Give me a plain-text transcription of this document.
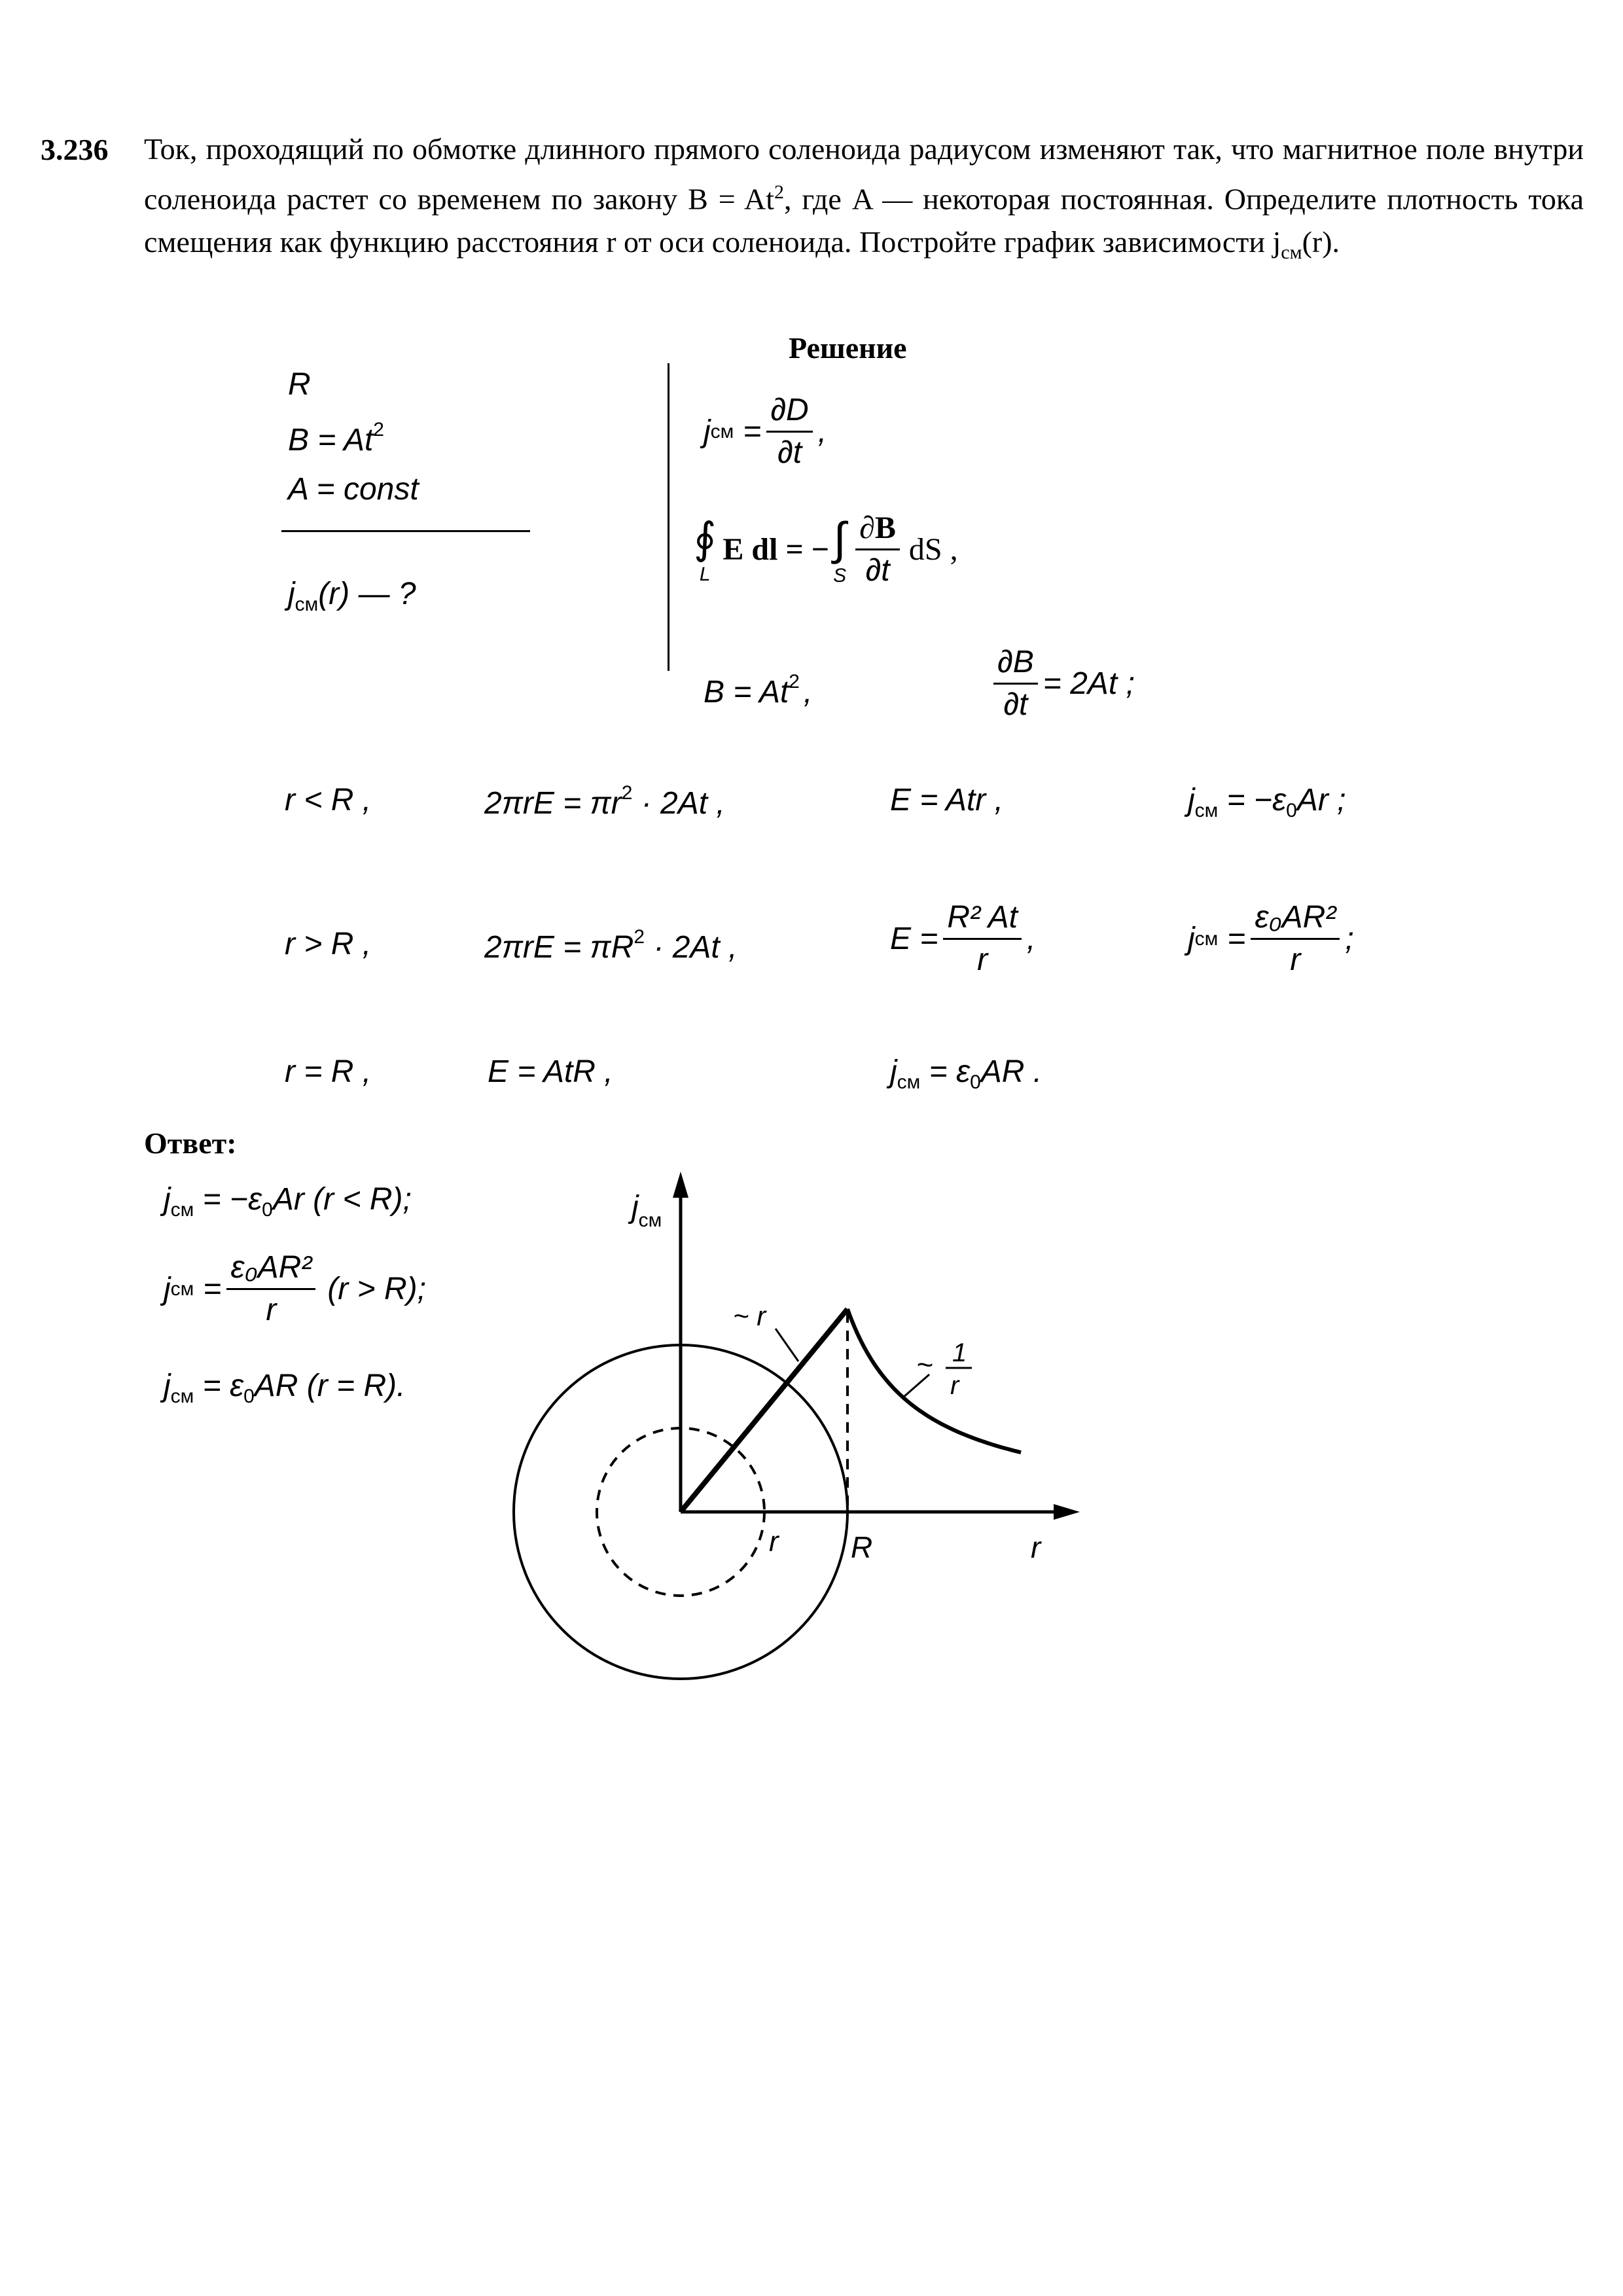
3.236 Ток, проходящий по обмотке длинного прямого соленоида радиусом изменяют так, что магнитное поле внутри соленоида растет со временем по закону $B = At^2$, где A — некоторая постоянная. Определите плотность тока смещения как функцию расстояния r от оси соленоида. Постройте график зависимости $j_{см}(r)$.
Решение
R
$B = At^2$
A = const
$j_{см}(r)$ — ?
j см = $\frac{\partial D}{\partial t}$ ,
∮
L
E dl = − ∫
S $\frac{\partial B}{\partial t}$ dS ,
$B = At^2$ ,	$\frac{\partial B}{\partial t} = 2At$ ;
r < R ,	$2\pi rE = \pi r^2 \cdot 2At$ ,	E = Atr ,	$j_{см} = -\varepsilon_0Ar$ ;
r > R ,	$2\pi rE = \pi R^2 \cdot 2At$ ,	$E = \frac{\text{R² At}}{r}$ ,	j см = $\frac{\text{ε₀AR²}}{r}$ ;
r = R ,	E = AtR ,	$j_{см} = \varepsilon_0AR$ .
Ответ:
$j_{см} = -\varepsilon_0Ar$ (r < R);
j см = $\frac{\text{ε₀AR²}}{r} (r > R)$;
$j_{см} = \varepsilon_0AR$ (r = R).
$j_{см}$
r
r R
~ r
~ 1
r
